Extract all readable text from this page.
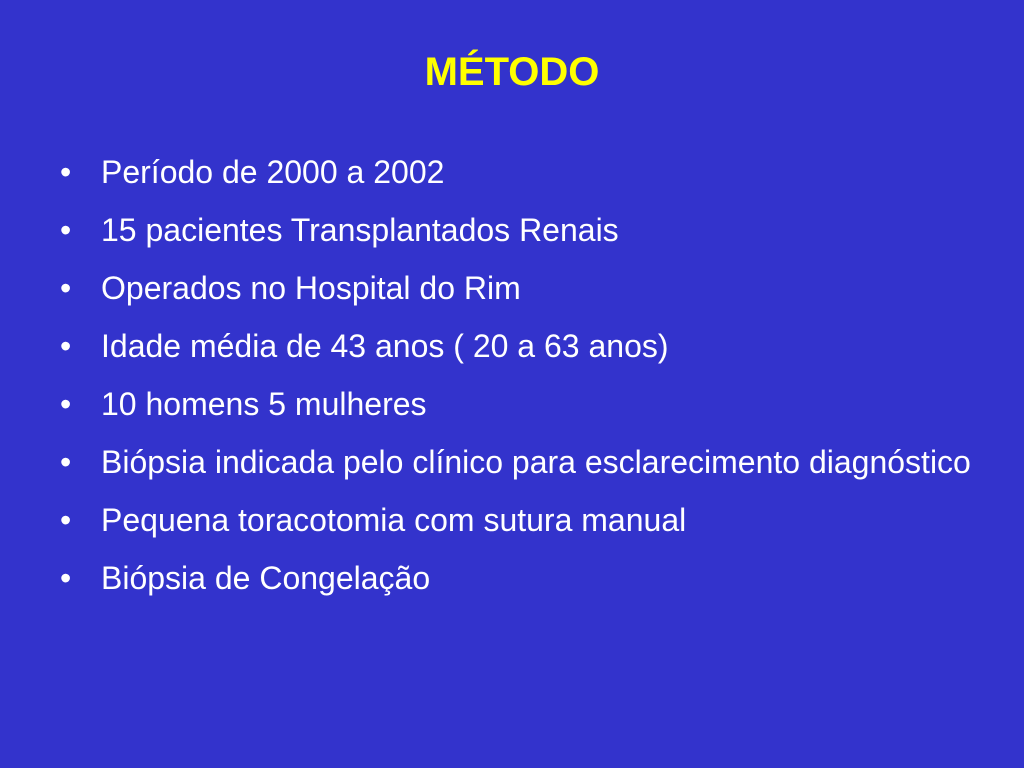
MÉTODO
• Período de 2000 a 2002
• 15 pacientes Transplantados Renais
• Operados no Hospital do Rim
• Idade média de 43 anos ( 20 a 63 anos)
• 10 homens 5 mulheres
• Biópsia indicada pelo clínico para esclarecimento diagnóstico
• Pequena toracotomia com sutura manual
• Biópsia de Congelação
